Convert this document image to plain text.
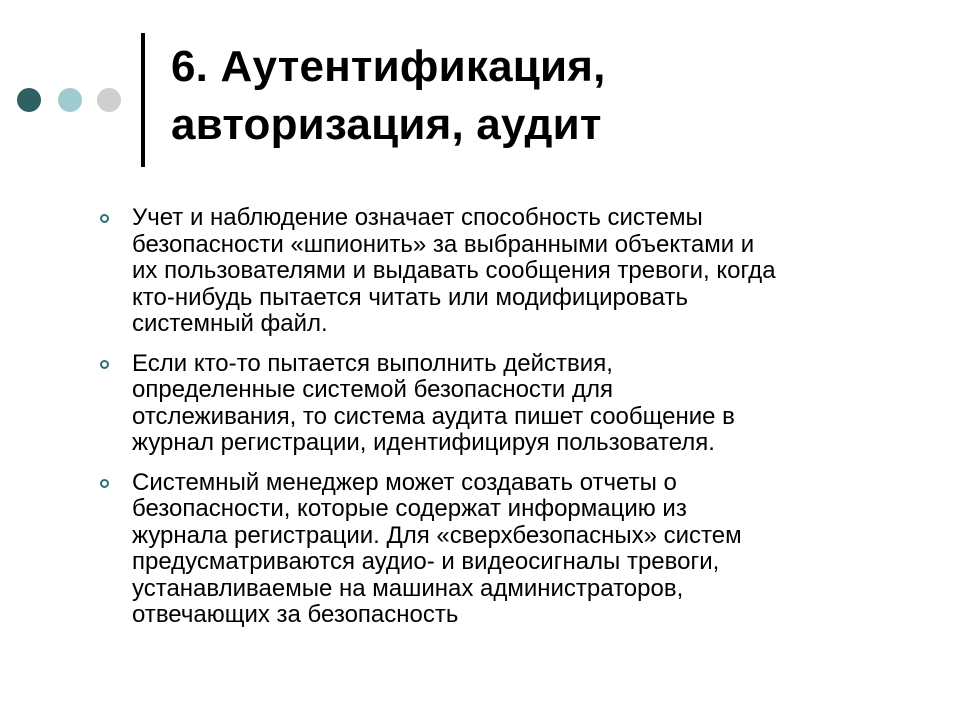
6. Аутентификация,
авторизация, аудит
Учет и наблюдение означает способность системы
безопасности «шпионить» за выбранными объектами и
их пользователями и выдавать сообщения тревоги, когда
кто-нибудь пытается читать или модифицировать
системный файл.
Если кто-то пытается выполнить действия,
определенные системой безопасности для
отслеживания, то система аудита пишет сообщение в
журнал регистрации, идентифицируя пользователя.
Системный менеджер может создавать отчеты о
безопасности, которые содержат информацию из
журнала регистрации. Для «сверхбезопасных» систем
предусматриваются аудио- и видеосигналы тревоги,
устанавливаемые на машинах администраторов,
отвечающих за безопасность
